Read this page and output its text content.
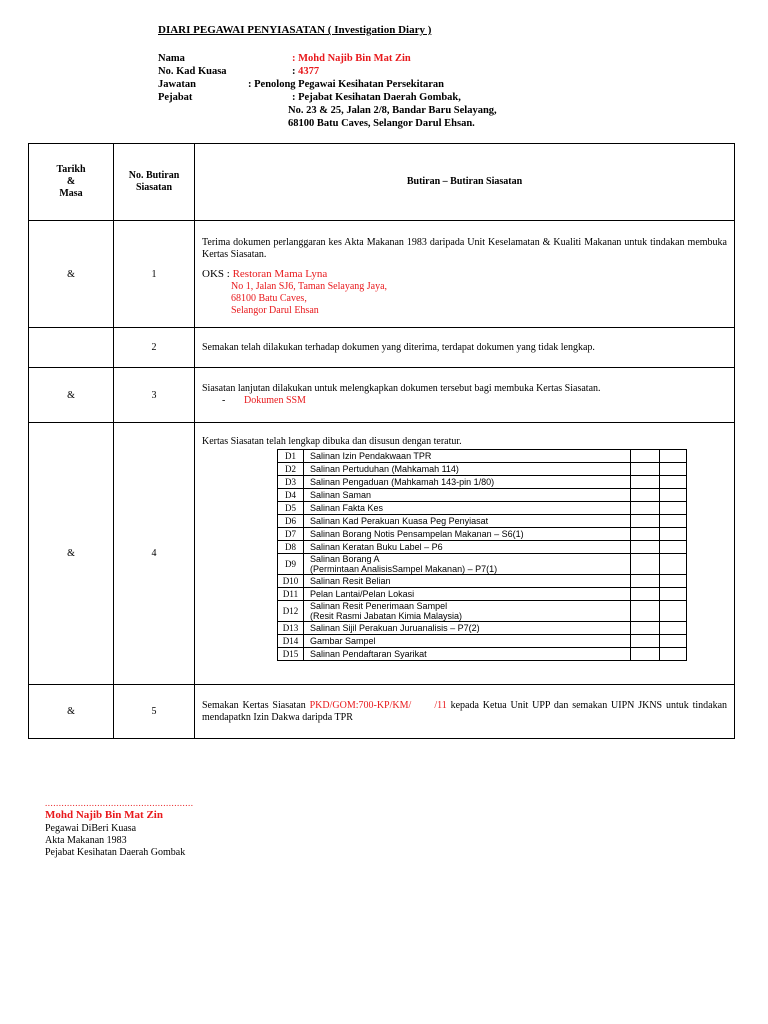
DIARI PEGAWAI PENYIASATAN ( Investigation Diary )
Nama	: Mohd Najib Bin Mat Zin
No. Kad Kuasa	: 4377
Jawatan	: Penolong Pegawai Kesihatan Persekitaran
Pejabat	: Pejabat Kesihatan Daerah Gombak,
No. 23 & 25, Jalan 2/8, Bandar Baru Selayang,
68100 Batu Caves, Selangor Darul Ehsan.
Tarikh
&
Masa

No. Butiran
Siasatan
	Butiran – Butiran Siasatan
&	1	
Terima dokumen perlanggaran kes Akta Makanan 1983 daripada Unit Keselamatan & Kualiti Makanan untuk tindakan membuka Kertas Siasatan.
OKS : Restoran Mama Lyna
No 1, Jalan SJ6, Taman Selayang Jaya,
68100 Batu Caves,
Selangor Darul Ehsan

	2	Semakan telah dilakukan terhadap dokumen yang diterima, terdapat dokumen yang tidak lengkap.
&	3	
Siasatan lanjutan dilakukan untuk melengkapkan dokumen tersebut bagi membuka Kertas Siasatan.
- Dokumen SSM

&	4	
Kertas Siasatan telah lengkap dibuka dan disusun dengan teratur.
D1	Salinan Izin Pendakwaan TPR

D2	Salinan Pertuduhan (Mahkamah 114)

D3	Salinan Pengaduan (Mahkamah 143-pin 1/80)

D4	Salinan Saman

D5	Salinan Fakta Kes

D6	Salinan Kad Perakuan Kuasa Peg Penyiasat

D7	Salinan Borang Notis Pensampelan Makanan – S6(1)

D8	Salinan Keratan Buku Label – P6

D9	Salinan Borang A
(Permintaan AnalisisSampel Makanan) – P7(1)

D10	Salinan Resit Belian

D11	Pelan Lantai/Pelan Lokasi

D12	Salinan Resit Penerimaan Sampel
(Resit Rasmi Jabatan Kimia Malaysia)

D13	Salinan Sijil Perakuan Juruanalisis – P7(2)

D14	Gambar Sampel

D15	Salinan Pendaftaran Syarikat

&	5	Semakan Kertas Siasatan PKD/GOM:700-KP/KM/ /11 kepada Ketua Unit UPP dan semakan UIPN JKNS untuk tindakan mendapatkn Izin Dakwa daripda TPR
......................................................
Mohd Najib Bin Mat Zin
Pegawai DiBeri Kuasa
Akta Makanan 1983
Pejabat Kesihatan Daerah Gombak
